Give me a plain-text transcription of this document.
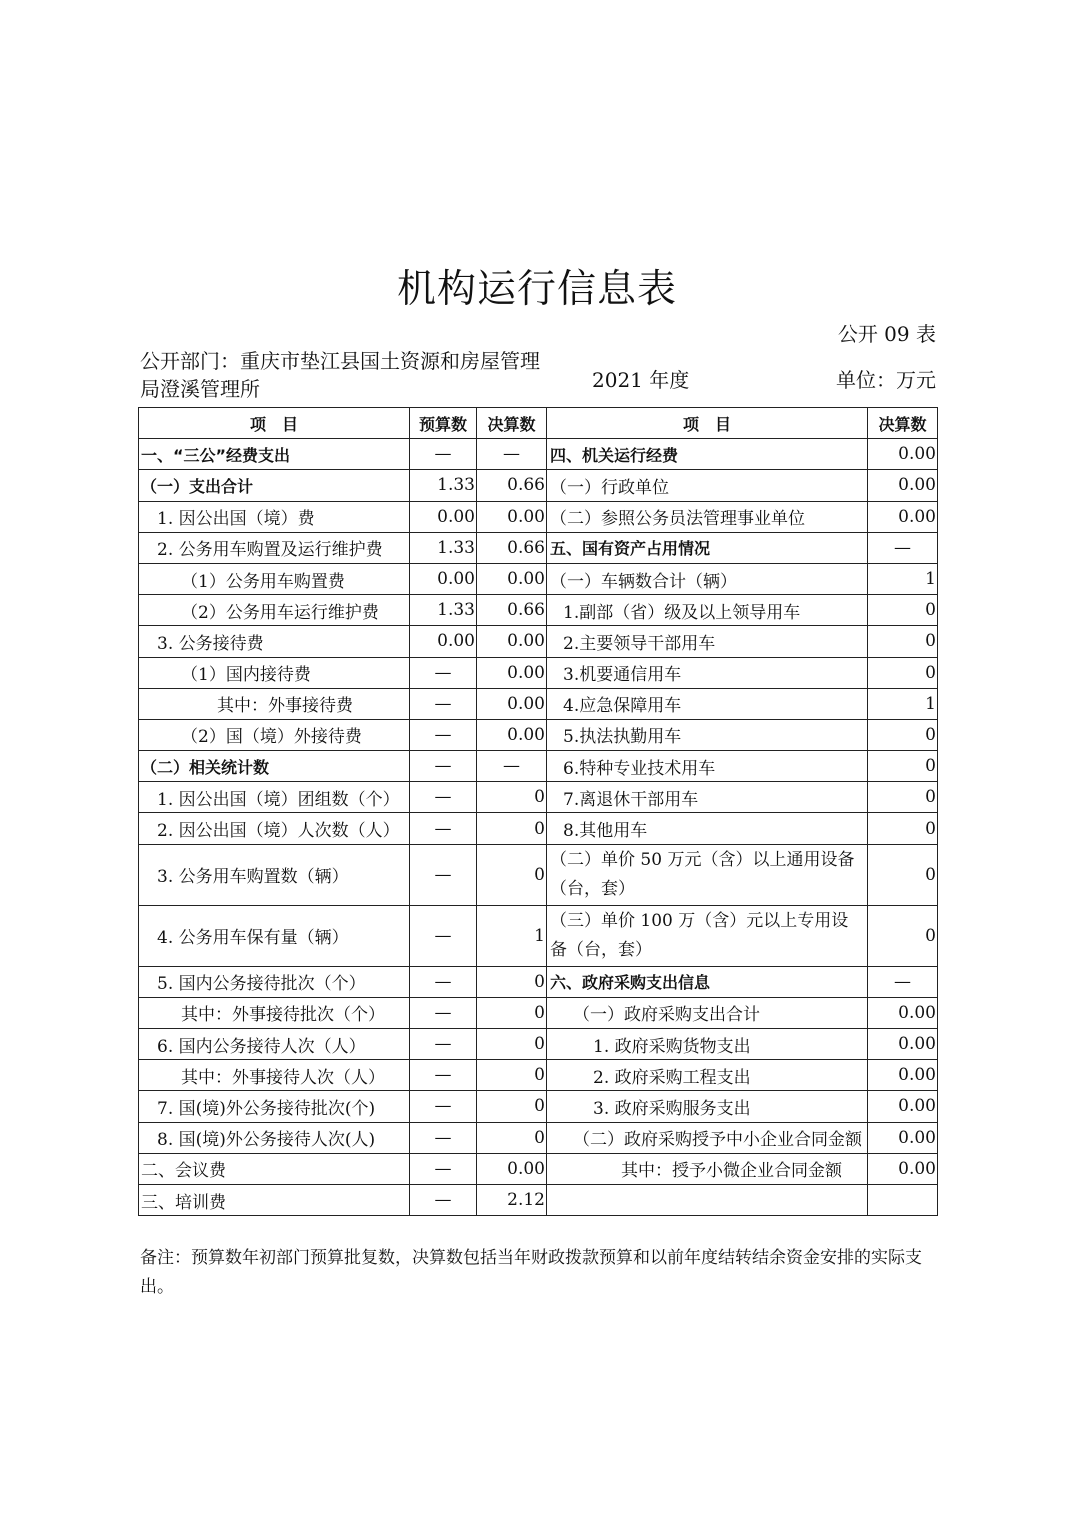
机构运行信息表
公开 09 表
公开部门：重庆市垫江县国土资源和房屋管理局澄溪管理所	2021 年度	单位：万元
项　目	预算数	决算数	项　目	决算数
一、“三公”经费支出	—	—	四、机关运行经费	0.00
（一）支出合计	1.33	0.66	（一）行政单位	0.00
1. 因公出国（境）费	0.00	0.00	（二）参照公务员法管理事业单位	0.00
2. 公务用车购置及运行维护费	1.33	0.66	五、国有资产占用情况	—
（1）公务用车购置费	0.00	0.00	（一）车辆数合计（辆）	1
（2）公务用车运行维护费	1.33	0.66	1.副部（省）级及以上领导用车	0
3. 公务接待费	0.00	0.00	2.主要领导干部用车	0
（1）国内接待费	—	0.00	3.机要通信用车	0
其中：外事接待费	—	0.00	4.应急保障用车	1
（2）国（境）外接待费	—	0.00	5.执法执勤用车	0
（二）相关统计数	—	—	6.特种专业技术用车	0
1. 因公出国（境）团组数（个）	—	0	7.离退休干部用车	0
2. 因公出国（境）人次数（人）	—	0	8.其他用车	0
3. 公务用车购置数（辆）	—	0	（二）单价 50 万元（含）以上通用设备（台，套）	0
4. 公务用车保有量（辆）	—	1	（三）单价 100 万（含）元以上专用设备（台，套）	0
5. 国内公务接待批次（个）	—	0	六、政府采购支出信息	—
其中：外事接待批次（个）	—	0	（一）政府采购支出合计	0.00
6. 国内公务接待人次（人）	—	0	1. 政府采购货物支出	0.00
其中：外事接待人次（人）	—	0	2. 政府采购工程支出	0.00
7. 国(境)外公务接待批次(个)	—	0	3. 政府采购服务支出	0.00
8. 国(境)外公务接待人次(人)	—	0	（二）政府采购授予中小企业合同金额	0.00
二、会议费	—	0.00	其中：授予小微企业合同金额	0.00
三、培训费	—	2.12		
备注：预算数年初部门预算批复数，决算数包括当年财政拨款预算和以前年度结转结余资金安排的实际支出。
